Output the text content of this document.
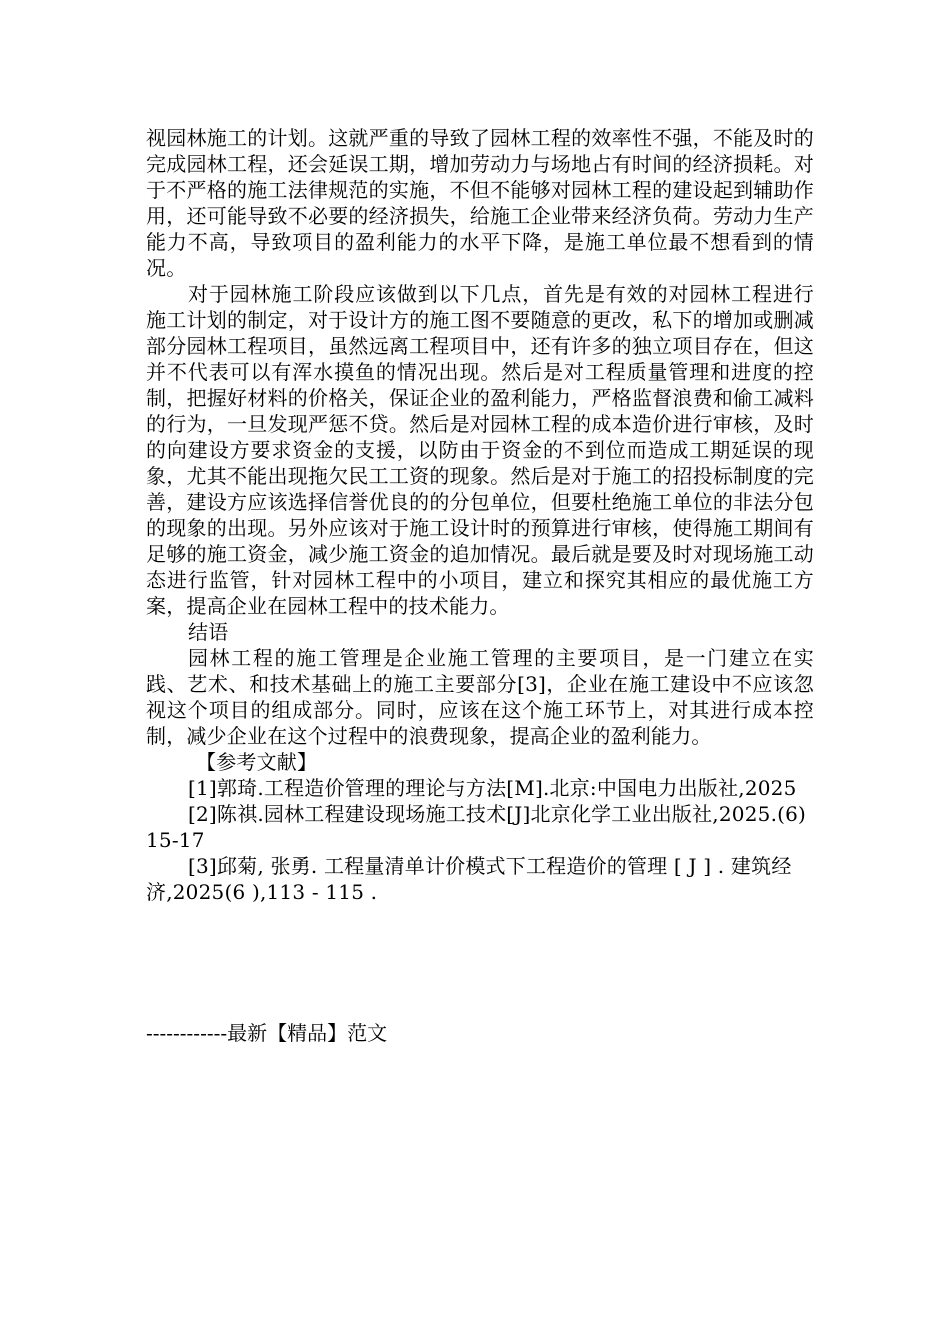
视园林施工的计划。这就严重的导致了园林工程的效率性不强，不能及时的完成园林工程，还会延误工期，增加劳动力与场地占有时间的经济损耗。对于不严格的施工法律规范的实施，不但不能够对园林工程的建设起到辅助作用，还可能导致不必要的经济损失，给施工企业带来经济负荷。劳动力生产能力不高，导致项目的盈利能力的水平下降，是施工单位最不想看到的情况。

对于园林施工阶段应该做到以下几点，首先是有效的对园林工程进行施工计划的制定，对于设计方的施工图不要随意的更改，私下的增加或删减部分园林工程项目，虽然远离工程项目中，还有许多的独立项目存在，但这并不代表可以有浑水摸鱼的情况出现。然后是对工程质量管理和进度的控制，把握好材料的价格关，保证企业的盈利能力，严格监督浪费和偷工减料的行为，一旦发现严惩不贷。然后是对园林工程的成本造价进行审核，及时的向建设方要求资金的支援，以防由于资金的不到位而造成工期延误的现象，尤其不能出现拖欠民工工资的现象。然后是对于施工的招投标制度的完善，建设方应该选择信誉优良的的分包单位，但要杜绝施工单位的非法分包的现象的出现。另外应该对于施工设计时的预算进行审核，使得施工期间有足够的施工资金，减少施工资金的追加情况。最后就是要及时对现场施工动态进行监管，针对园林工程中的小项目，建立和探究其相应的最优施工方案，提高企业在园林工程中的技术能力。

结语

园林工程的施工管理是企业施工管理的主要项目，是一门建立在实践、艺术、和技术基础上的施工主要部分[3]，企业在施工建设中不应该忽视这个项目的组成部分。同时，应该在这个施工环节上，对其进行成本控制，减少企业在这个过程中的浪费现象，提高企业的盈利能力。

【参考文献】

[1]郭琦.工程造价管理的理论与方法[M].北京:中国电力出版社,2025

[2]陈祺.园林工程建设现场施工技术[J]北京化学工业出版社,2025.(6)15-17

[3]邱菊, 张勇. 工程量清单计价模式下工程造价的管理 [ J ] . 建筑经济,2025(6 ),113 - 115 .

------------最新【精品】范文
